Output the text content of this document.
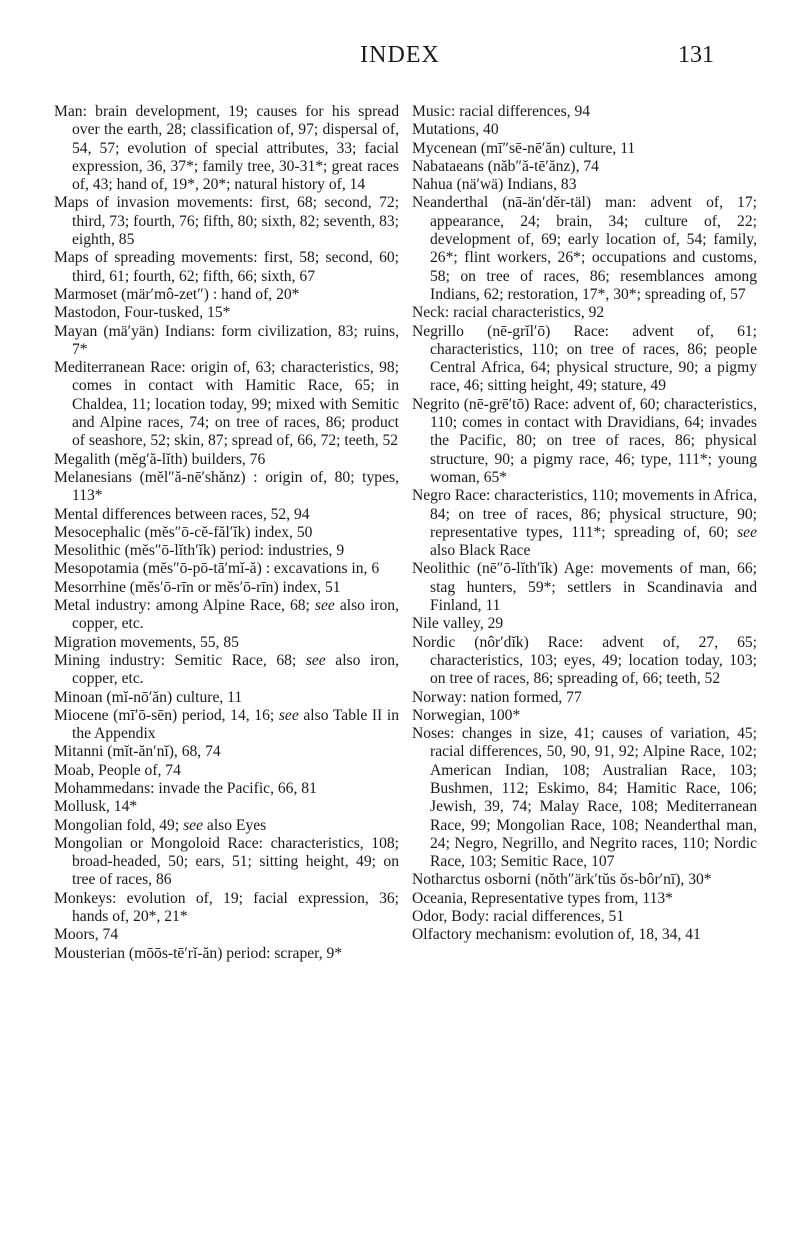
INDEX	131

Man: brain development, 19; causes for his spread over the earth, 28; classification of, 97; dispersal of, 54, 57; evolution of special attributes, 33; facial expression, 36, 37*; family tree, 30-31*; great races of, 43; hand of, 19*, 20*; natural history of, 14

Maps of invasion movements: first, 68; second, 72; third, 73; fourth, 76; fifth, 80; sixth, 82; seventh, 83; eighth, 85

Maps of spreading movements: first, 58; second, 60; third, 61; fourth, 62; fifth, 66; sixth, 67

Marmoset (mär′mô-zet″) : hand of, 20*

Mastodon, Four-tusked, 15*

Mayan (mä′yän) Indians: form civilization, 83; ruins, 7*

Mediterranean Race: origin of, 63; characteristics, 98; comes in contact with Hamitic Race, 65; in Chaldea, 11; location today, 99; mixed with Semitic and Alpine races, 74; on tree of races, 86; product of seashore, 52; skin, 87; spread of, 66, 72; teeth, 52

Megalith (mĕg′ă-lĭth) builders, 76

Melanesians (mĕl″ă-nē′shănz) : origin of, 80; types, 113*

Mental differences between races, 52, 94

Mesocephalic (mĕs″ō-cĕ-făl′ĭk) index, 50

Mesolithic (mĕs″ō-lĭth′ĭk) period: industries, 9

Mesopotamia (mĕs″ō-pō-tā′mĭ-ă) : excavations in, 6

Mesorrhine (mĕs′ō-rīn or mĕs′ō-rīn) index, 51

Metal industry: among Alpine Race, 68; see also iron, copper, etc.

Migration movements, 55, 85

Mining industry: Semitic Race, 68; see also iron, copper, etc.

Minoan (mĭ-nō′ăn) culture, 11

Miocene (mī′ō-sēn) period, 14, 16; see also Table II in the Appendix

Mitanni (mĭt-ăn′nĭ), 68, 74

Moab, People of, 74

Mohammedans: invade the Pacific, 66, 81

Mollusk, 14*

Mongolian fold, 49; see also Eyes

Mongolian or Mongoloid Race: characteristics, 108; broad-headed, 50; ears, 51; sitting height, 49; on tree of races, 86

Monkeys: evolution of, 19; facial expression, 36; hands of, 20*, 21*

Moors, 74

Mousterian (mōōs-tē′rĭ-ăn) period: scraper, 9*

Music: racial differences, 94

Mutations, 40

Mycenean (mī″sē-nē′ăn) culture, 11

Nabataeans (năb″ă-tē′ănz), 74

Nahua (nä′wä) Indians, 83

Neanderthal (nā-än′dĕr-täl) man: advent of, 17; appearance, 24; brain, 34; culture of, 22; development of, 69; early location of, 54; family, 26*; flint workers, 26*; occupations and customs, 58; on tree of races, 86; resemblances among Indians, 62; restoration, 17*, 30*; spreading of, 57

Neck: racial characteristics, 92

Negrillo (nē-grĭl′ō) Race: advent of, 61; characteristics, 110; on tree of races, 86; people Central Africa, 64; physical structure, 90; a pigmy race, 46; sitting height, 49; stature, 49

Negrito (nē-grē′tō) Race: advent of, 60; characteristics, 110; comes in contact with Dravidians, 64; invades the Pacific, 80; on tree of races, 86; physical structure, 90; a pigmy race, 46; type, 111*; young woman, 65*

Negro Race: characteristics, 110; movements in Africa, 84; on tree of races, 86; physical structure, 90; representative types, 111*; spreading of, 60; see also Black Race

Neolithic (nē″ō-lĭth′ĭk) Age: movements of man, 66; stag hunters, 59*; settlers in Scandinavia and Finland, 11

Nile valley, 29

Nordic (nôr′dĭk) Race: advent of, 27, 65; characteristics, 103; eyes, 49; location today, 103; on tree of races, 86; spreading of, 66; teeth, 52

Norway: nation formed, 77

Norwegian, 100*

Noses: changes in size, 41; causes of variation, 45; racial differences, 50, 90, 91, 92; Alpine Race, 102; American Indian, 108; Australian Race, 103; Bushmen, 112; Eskimo, 84; Hamitic Race, 106; Jewish, 39, 74; Malay Race, 108; Mediterranean Race, 99; Mongolian Race, 108; Neanderthal man, 24; Negro, Negrillo, and Negrito races, 110; Nordic Race, 103; Semitic Race, 107

Notharctus osborni (nŏth″ärk′tŭs ŏs-bôr′nī), 30*

Oceania, Representative types from, 113*

Odor, Body: racial differences, 51

Olfactory mechanism: evolution of, 18, 34, 41
